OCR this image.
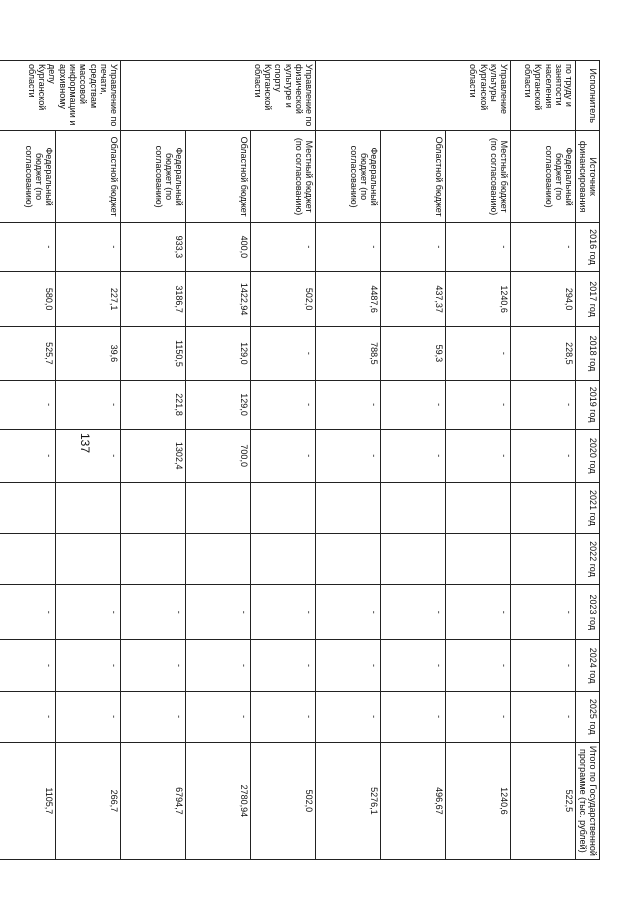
137
Исполнитель	Источник финансирования	2016 год	2017 год	2018 год	2019 год	2020 год	2021 год	2022 год	2023 год	2024 год	2025 год	Итого по Государственной программе (тыс. рублей)
по труду и занятости населения Курганской области	Федеральный бюджет (по согласованию)	-	294,0	228,5	-	-			-	-	-	522,5
Управление культуры Курганской области	Местный бюджет (по согласованию)	-	1240,6	-	-	-			-	-	-	1240,6
	Областной бюджет	-	437,37	59,3	-	-			-	-	-	496,67
	Федеральный бюджет (по согласованию)	-	4487,6	788,5	-	-			-	-	-	5276,1
Управление по физической культуре и спорту Курганской области	Местный бюджет (по согласованию)	-	502,0	-	-	-			-	-	-	502,0
	Областной бюджет	400,0	1422,94	129,0	129,0	700,0			-	-	-	2780,94
	Федеральный бюджет (по согласованию)	933,3	3186,7	1150,5	221,8	1302,4			-	-	-	6794,7
Управление по печати, средствам массовой информации и архивному делу Курганской области	Областной бюджет	-	227,1	39,6	-	-			-	-	-	266,7
	Федеральный бюджет (по согласованию)	-	580,0	525,7	-	-			-	-	-	1105,7
